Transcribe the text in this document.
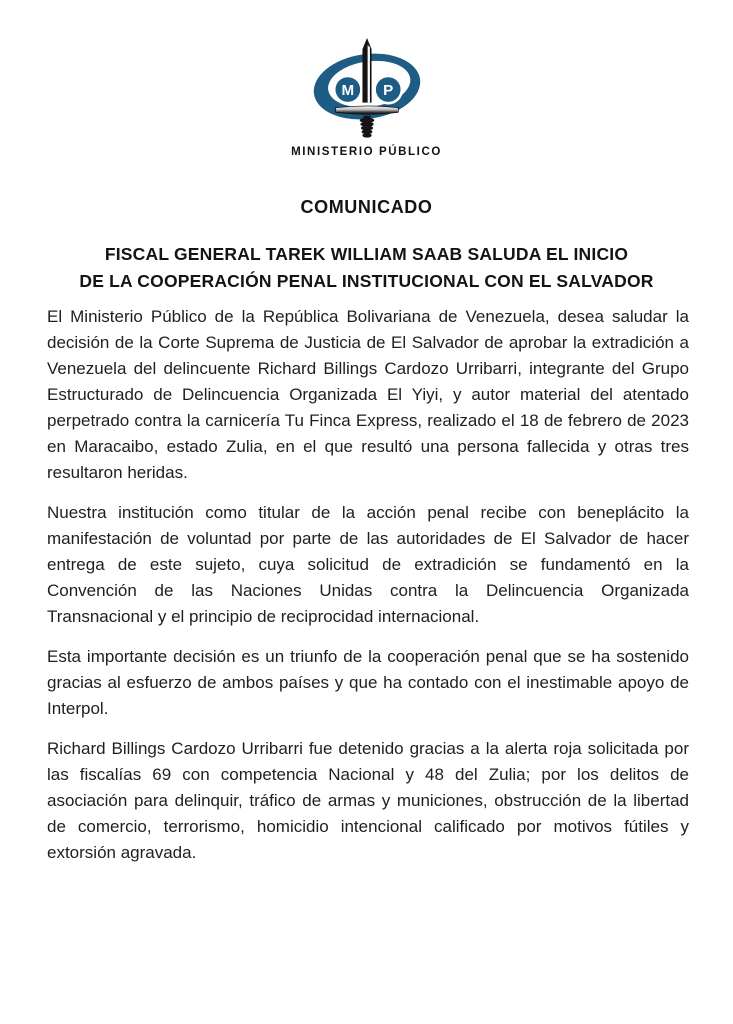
M P
MINISTERIO PÚBLICO
COMUNICADO
FISCAL GENERAL TAREK WILLIAM SAAB SALUDA EL INICIO
DE LA COOPERACIÓN PENAL INSTITUCIONAL CON EL SALVADOR

El Ministerio Público de la República Bolivariana de Venezuela, desea saludar la decisión de la Corte Suprema de Justicia de El Salvador de aprobar la extradición a Venezuela del delincuente Richard Billings Cardozo Urribarri, integrante del Grupo Estructurado de Delincuencia Organizada El Yiyi, y autor material del atentado perpetrado contra la carnicería Tu Finca Express, realizado el 18 de febrero de 2023 en Maracaibo, estado Zulia, en el que resultó una persona fallecida y otras tres resultaron heridas.

Nuestra institución como titular de la acción penal recibe con beneplácito la manifestación de voluntad por parte de las autoridades de El Salvador de hacer entrega de este sujeto, cuya solicitud de extradición se fundamentó en la Convención de las Naciones Unidas contra la Delincuencia Organizada Transnacional y el principio de reciprocidad internacional.

Esta importante decisión es un triunfo de la cooperación penal que se ha sostenido gracias al esfuerzo de ambos países y que ha contado con el inestimable apoyo de Interpol.

Richard Billings Cardozo Urribarri fue detenido gracias a la alerta roja solicitada por las fiscalías 69 con competencia Nacional y 48 del Zulia; por los delitos de asociación para delinquir, tráfico de armas y municiones, obstrucción de la libertad de comercio, terrorismo, homicidio intencional calificado por motivos fútiles y extorsión agravada.
